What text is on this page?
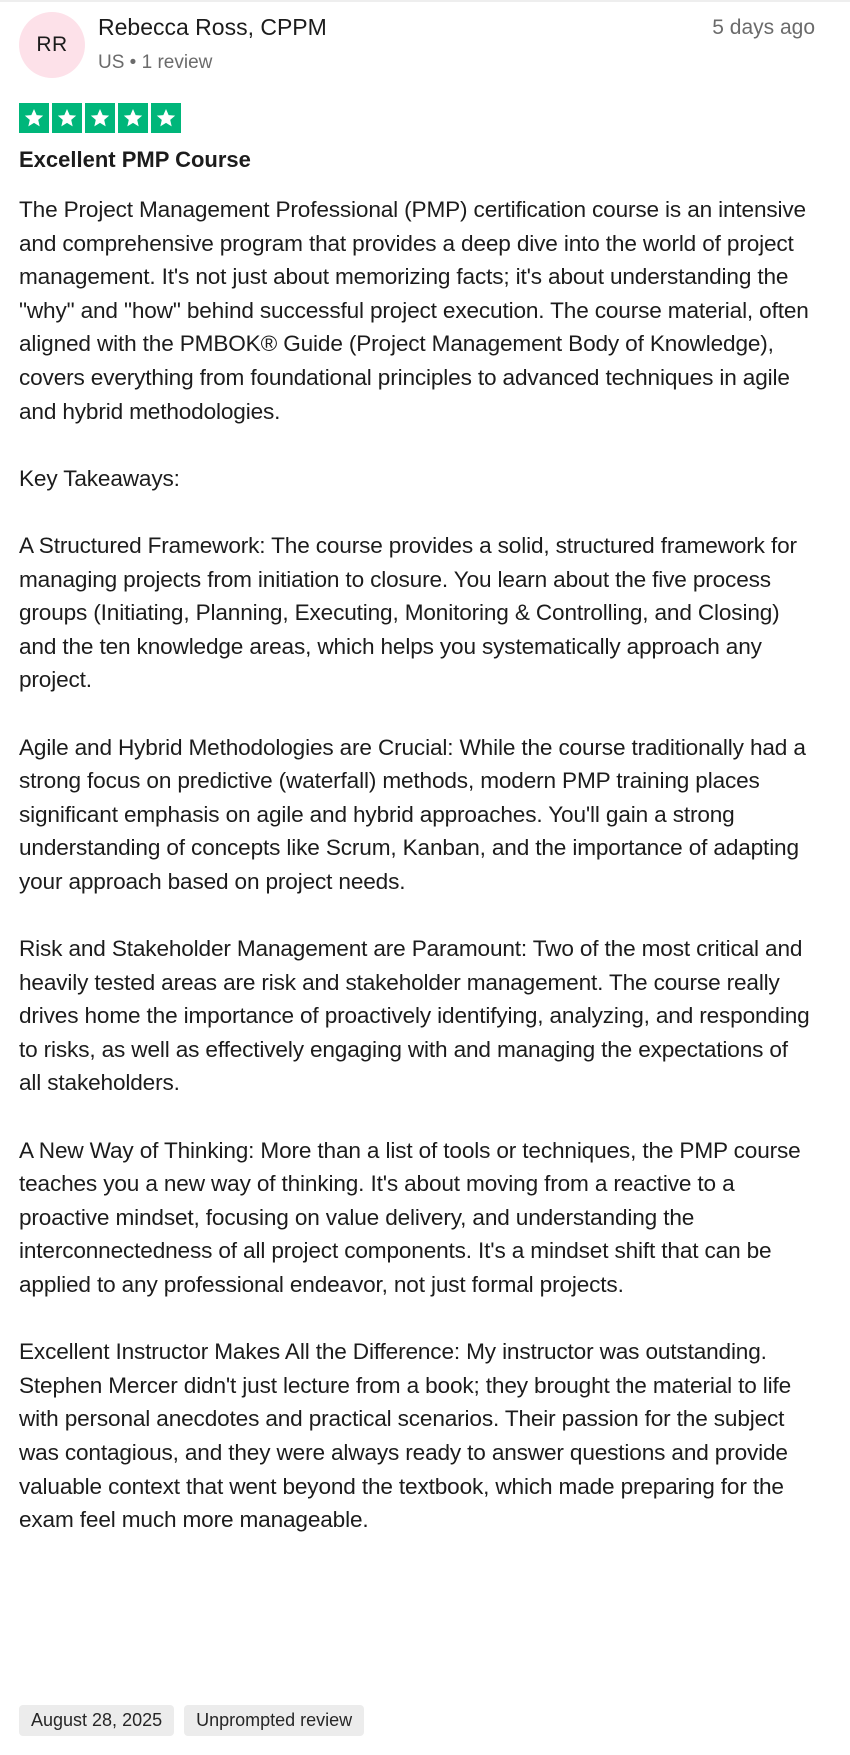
RR
Rebecca Ross, CPPM
US • 1 review
5 days ago
Excellent PMP Course

The Project Management Professional (PMP) certification course is an intensive and comprehensive program that provides a deep dive into the world of project management. It's not just about memorizing facts; it's about understanding the "why" and "how" behind successful project execution. The course material, often aligned with the PMBOK® Guide (Project Management Body of Knowledge), covers everything from foundational principles to advanced techniques in agile and hybrid methodologies.

Key Takeaways:

A Structured Framework: The course provides a solid, structured framework for managing projects from initiation to closure. You learn about the five process groups (Initiating, Planning, Executing, Monitoring & Controlling, and Closing) and the ten knowledge areas, which helps you systematically approach any project.

Agile and Hybrid Methodologies are Crucial: While the course traditionally had a strong focus on predictive (waterfall) methods, modern PMP training places significant emphasis on agile and hybrid approaches. You'll gain a strong understanding of concepts like Scrum, Kanban, and the importance of adapting your approach based on project needs.

Risk and Stakeholder Management are Paramount: Two of the most critical and heavily tested areas are risk and stakeholder management. The course really drives home the importance of proactively identifying, analyzing, and responding to risks, as well as effectively engaging with and managing the expectations of all stakeholders.

A New Way of Thinking: More than a list of tools or techniques, the PMP course teaches you a new way of thinking. It's about moving from a reactive to a proactive mindset, focusing on value delivery, and understanding the interconnectedness of all project components. It's a mindset shift that can be applied to any professional endeavor, not just formal projects.

Excellent Instructor Makes All the Difference: My instructor was outstanding. Stephen Mercer didn't just lecture from a book; they brought the material to life with personal anecdotes and practical scenarios. Their passion for the subject was contagious, and they were always ready to answer questions and provide valuable context that went beyond the textbook, which made preparing for the exam feel much more manageable.

August 28, 2025	Unprompted review
